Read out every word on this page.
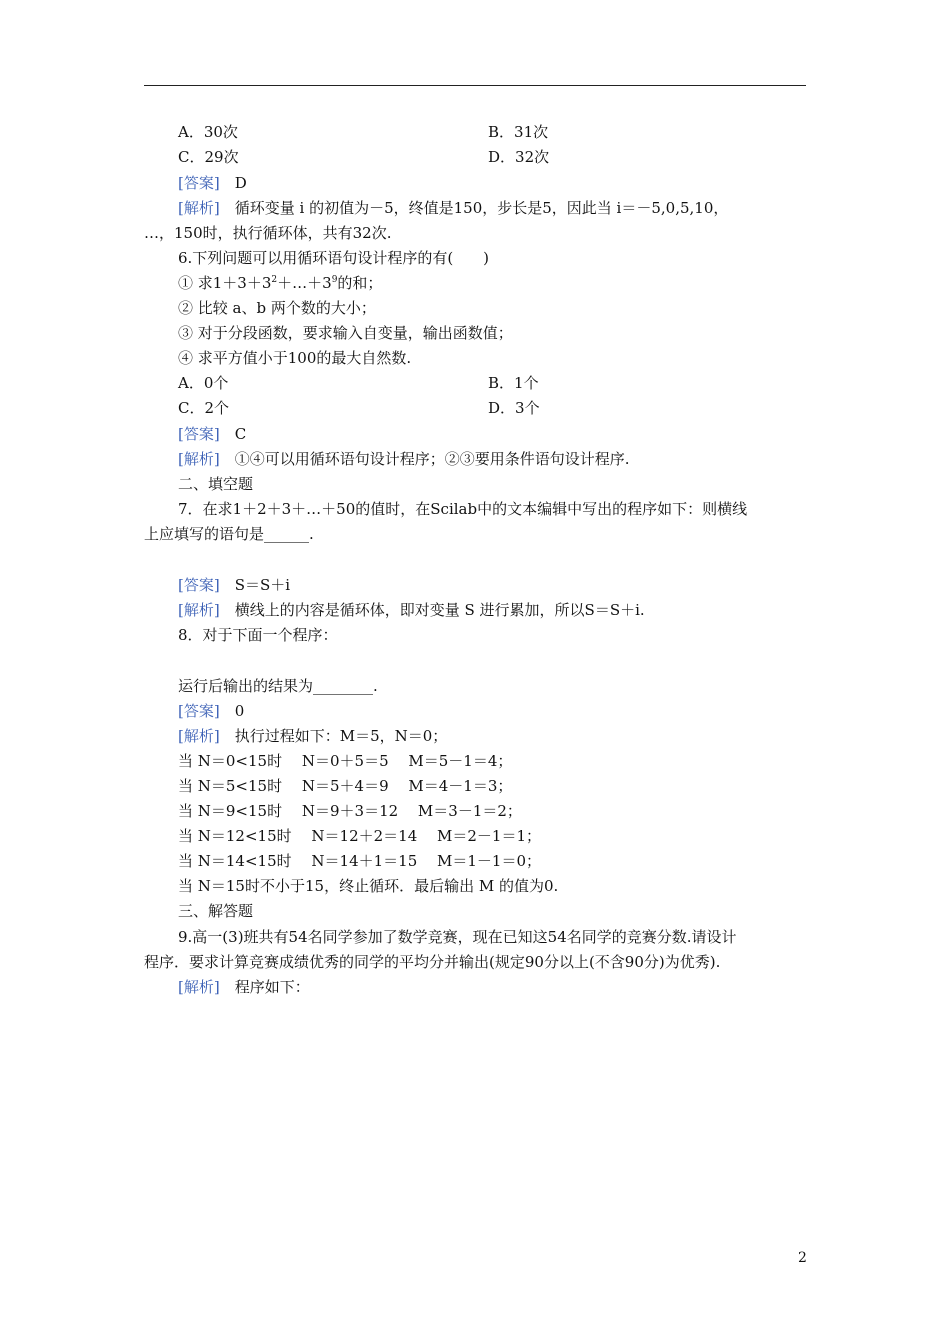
A．30次	B．31次
C．29次	D．32次
[答案]　 D
[解析]　 循环变量 i 的初值为－5，终值是150，步长是5，因此当 i＝－5,0,5,10，
…，150时，执行循环体，共有32次.
6.下列问题可以用循环语句设计程序的有(　　)
① 求$1+3+3^2+\dots+3^9$的和；
② 比较 a、b 两个数的大小；
③ 对于分段函数，要求输入自变量，输出函数值；
④ 求平方值小于100的最大自然数.
A．0个	B．1个
C．2个	D．3个
[答案]　 C
[解析]　 ①④可以用循环语句设计程序；②③要用条件语句设计程序.
二、填空题
7．在求1＋2＋3＋…＋50的值时，在Scilab中的文本编辑中写出的程序如下：则横线
上应填写的语句是______.
[答案]　 S＝S＋i
[解析]　 横线上的内容是循环体，即对变量 S 进行累加，所以S＝S＋i.
8．对于下面一个程序：
运行后输出的结果为________.
[答案]　 0
[解析]　 执行过程如下：M＝5，N＝0；
当 N＝0<15时　 N＝0＋5＝5　 M＝5－1＝4；
当 N＝5<15时　 N＝5＋4＝9　 M＝4－1＝3；
当 N＝9<15时　 N＝9＋3＝12　 M＝3－1＝2；
当 N＝12<15时　 N＝12＋2＝14　 M＝2－1＝1；
当 N＝14<15时　 N＝14＋1＝15　 M＝1－1＝0；
当 N＝15时不小于15，终止循环．最后输出 M 的值为0.
三、解答题
9.高一(3)班共有54名同学参加了数学竞赛，现在已知这54名同学的竞赛分数.请设计
程序．要求计算竞赛成绩优秀的同学的平均分并输出(规定90分以上(不含90分)为优秀).
[解析]　 程序如下：
2
